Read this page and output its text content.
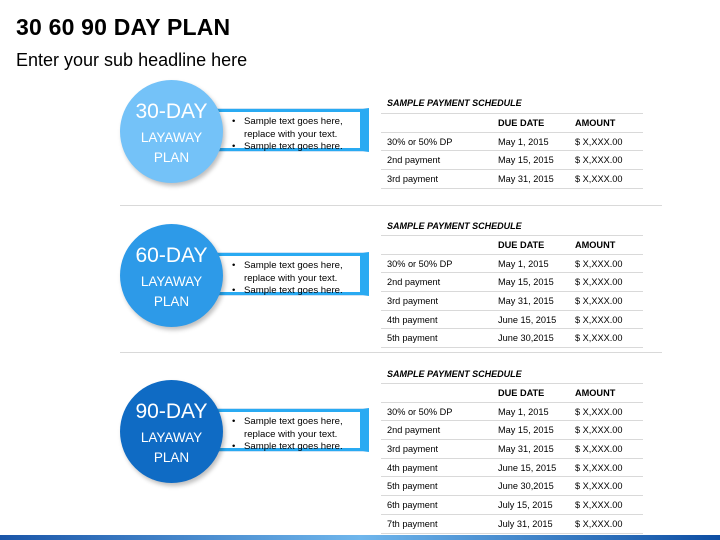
30 60 90 DAY PLAN
Enter your sub headline here
• Sample text goes here, replace with your text.
• Sample text goes here.
30-DAY
LAYAWAY
PLAN
SAMPLE PAYMENT SCHEDULE
	DUE DATE	AMOUNT
30% or 50% DP	May 1, 2015	$ X,XXX.00
2nd payment	May 15, 2015	$ X,XXX.00
3rd payment	May 31, 2015	$ X,XXX.00
• Sample text goes here, replace with your text.
• Sample text goes here.
60-DAY
LAYAWAY
PLAN
SAMPLE PAYMENT SCHEDULE
	DUE DATE	AMOUNT
30% or 50% DP	May 1, 2015	$ X,XXX.00
2nd payment	May 15, 2015	$ X,XXX.00
3rd payment	May 31, 2015	$ X,XXX.00
4th payment	June 15, 2015	$ X,XXX.00
5th payment	June 30,2015	$ X,XXX.00
• Sample text goes here, replace with your text.
• Sample text goes here.
90-DAY
LAYAWAY
PLAN
SAMPLE PAYMENT SCHEDULE
	DUE DATE	AMOUNT
30% or 50% DP	May 1, 2015	$ X,XXX.00
2nd payment	May 15, 2015	$ X,XXX.00
3rd payment	May 31, 2015	$ X,XXX.00
4th payment	June 15, 2015	$ X,XXX.00
5th payment	June 30,2015	$ X,XXX.00
6th payment	July 15, 2015	$ X,XXX.00
7th payment	July 31, 2015	$ X,XXX.00
